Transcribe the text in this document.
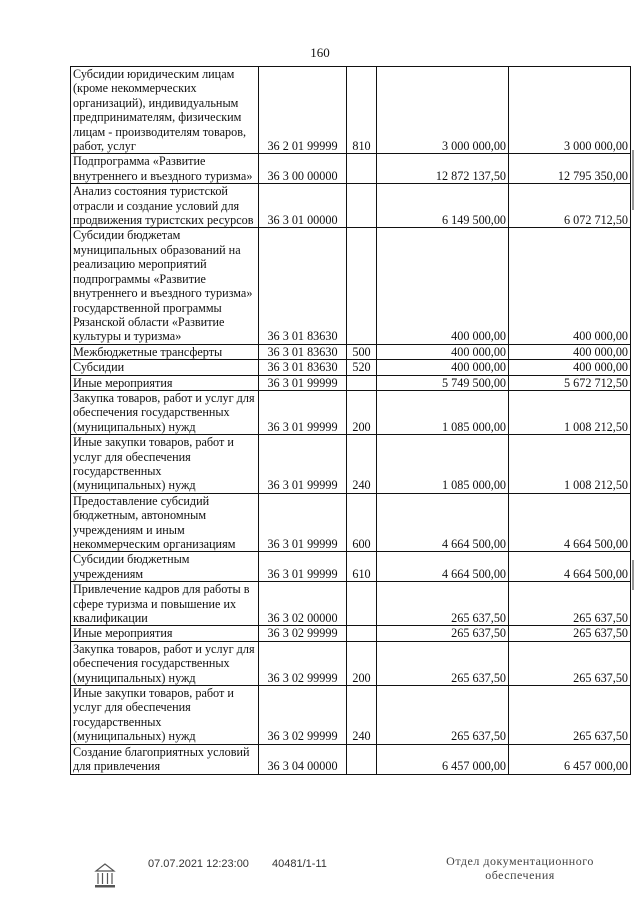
160
Субсидии юридическим лицам (кроме некоммерческих организаций), индивидуальным предпринимателям, физическим лицам - производителям товаров, работ, услуг	36 2 01 99999	810	3 000 000,00	3 000 000,00
Подпрограмма «Развитие внутреннего и въездного туризма»	36 3 00 00000		12 872 137,50	12 795 350,00
Анализ состояния туристской отрасли и создание условий для продвижения туристских ресурсов	36 3 01 00000		6 149 500,00	6 072 712,50
Субсидии бюджетам муниципальных образований на реализацию мероприятий подпрограммы «Развитие внутреннего и въездного туризма» государственной программы Рязанской области «Развитие культуры и туризма»	36 3 01 83630		400 000,00	400 000,00
Межбюджетные трансферты	36 3 01 83630	500	400 000,00	400 000,00
Субсидии	36 3 01 83630	520	400 000,00	400 000,00
Иные мероприятия	36 3 01 99999		5 749 500,00	5 672 712,50
Закупка товаров, работ и услуг для обеспечения государственных (муниципальных) нужд	36 3 01 99999	200	1 085 000,00	1 008 212,50
Иные закупки товаров, работ и услуг для обеспечения государственных (муниципальных) нужд	36 3 01 99999	240	1 085 000,00	1 008 212,50
Предоставление субсидий бюджетным, автономным учреждениям и иным некоммерческим организациям	36 3 01 99999	600	4 664 500,00	4 664 500,00
Субсидии бюджетным учреждениям	36 3 01 99999	610	4 664 500,00	4 664 500,00
Привлечение кадров для работы в сфере туризма и повышение их квалификации	36 3 02 00000		265 637,50	265 637,50
Иные мероприятия	36 3 02 99999		265 637,50	265 637,50
Закупка товаров, работ и услуг для обеспечения государственных (муниципальных) нужд	36 3 02 99999	200	265 637,50	265 637,50
Иные закупки товаров, работ и услуг для обеспечения государственных (муниципальных) нужд	36 3 02 99999	240	265 637,50	265 637,50
Создание благоприятных условий для привлечения	36 3 04 00000		6 457 000,00	6 457 000,00
07.07.2021 12:23:00 40481/1-11	Отдел документационного обеспечения
